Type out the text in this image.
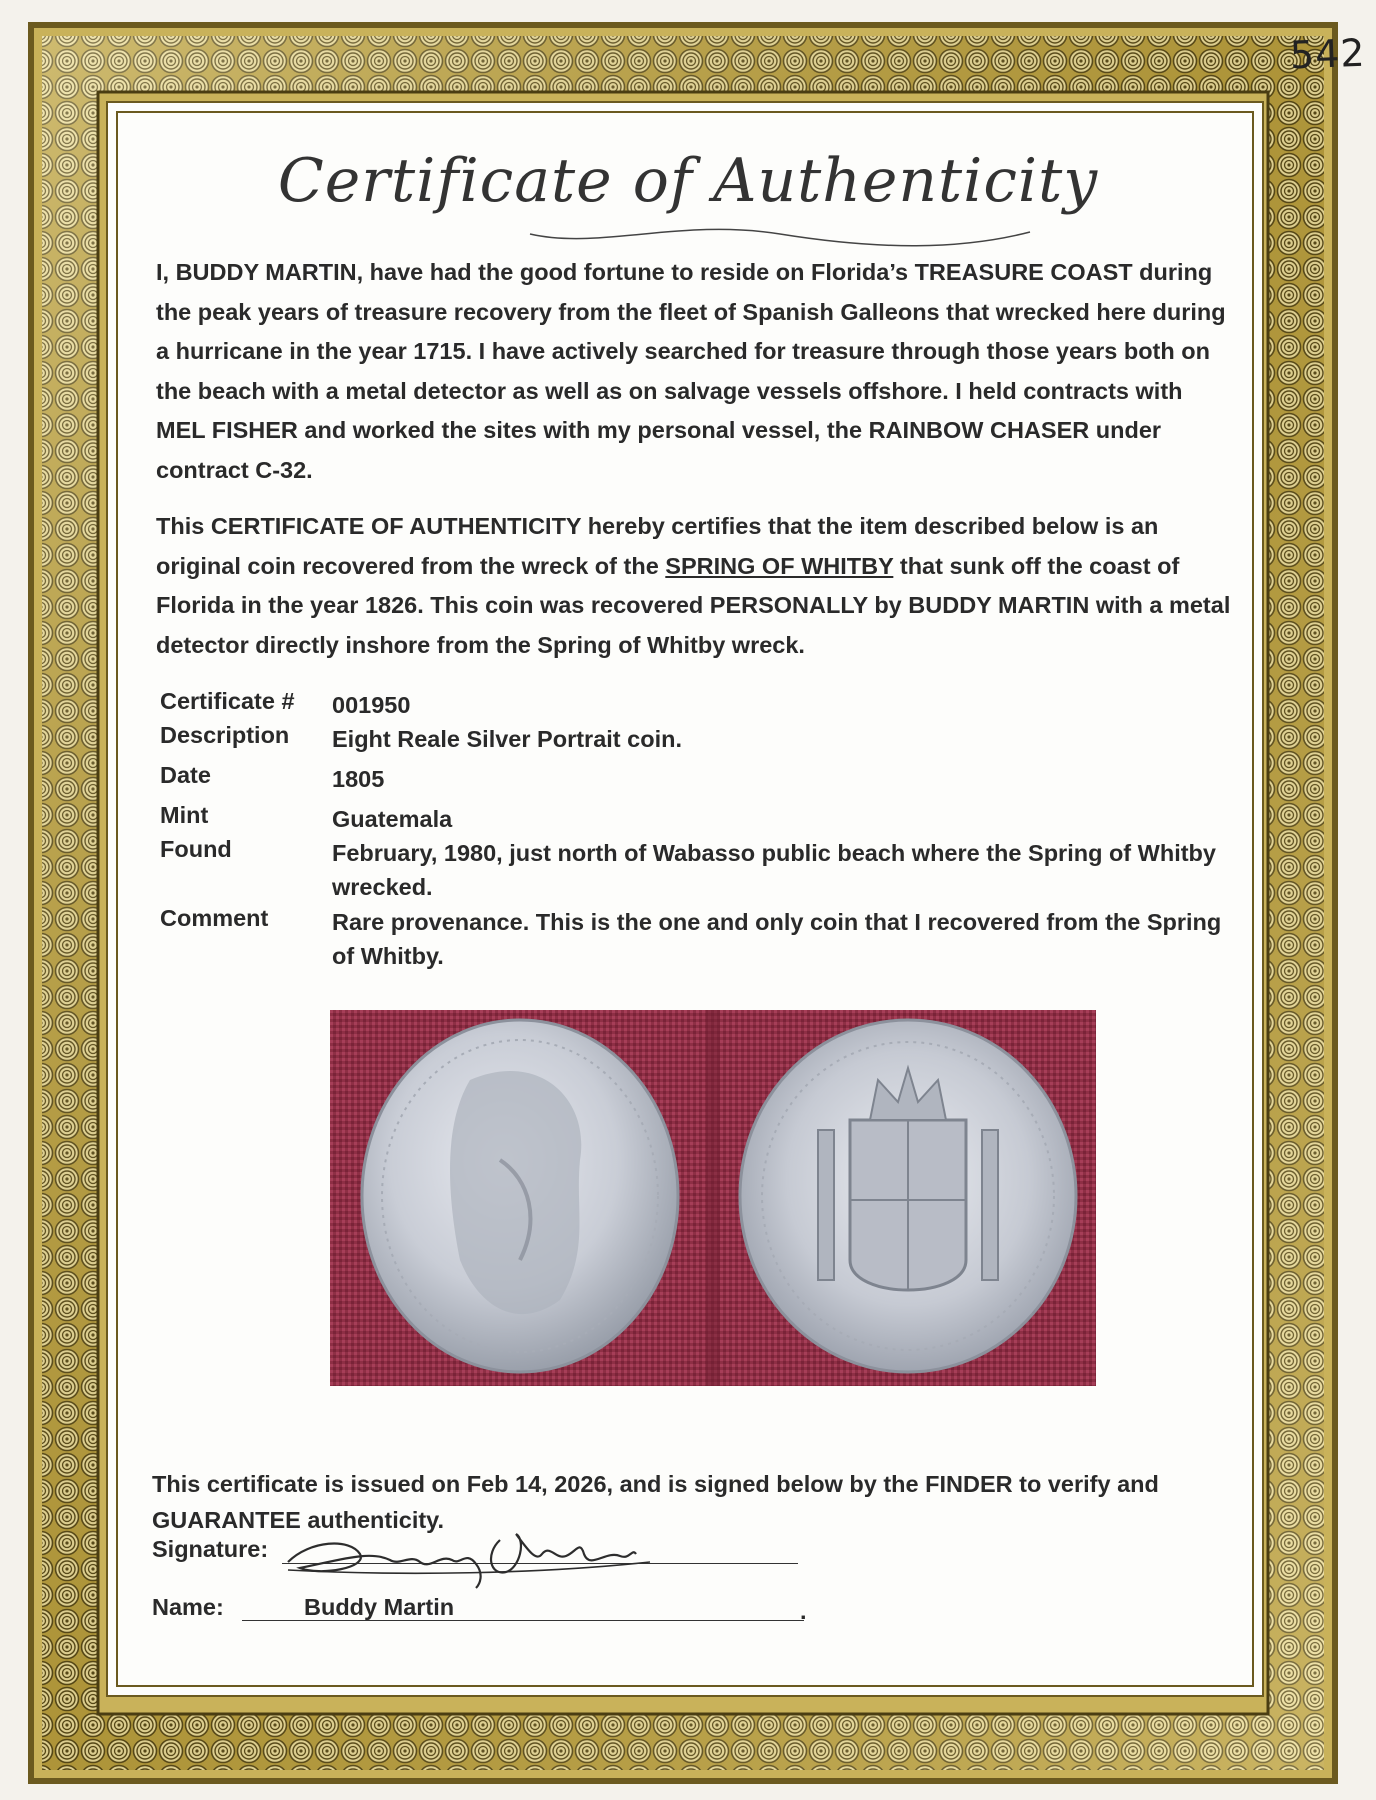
542
Certificate of Authenticity
I, BUDDY MARTIN, have had the good fortune to reside on Florida’s TREASURE COAST during the peak years of treasure recovery from the fleet of Spanish Galleons that wrecked here during a hurricane in the year 1715. I have actively searched for treasure through those years both on the beach with a metal detector as well as on salvage vessels offshore. I held contracts with MEL FISHER and worked the sites with my personal vessel, the RAINBOW CHASER under contract C-32.
This CERTIFICATE OF AUTHENTICITY hereby certifies that the item described below is an original coin recovered from the wreck of the SPRING OF WHITBY that sunk off the coast of Florida in the year 1826. This coin was recovered PERSONALLY by BUDDY MARTIN with a metal detector directly inshore from the Spring of Whitby wreck.
Certificate #	001950
Description	Eight Reale Silver Portrait coin.
Date	1805
Mint	Guatemala
Found	February, 1980, just north of Wabasso public beach where the Spring of Whitby wrecked.
Comment	Rare provenance. This is the one and only coin that I recovered from the Spring of Whitby.
This certificate is issued on Feb 14, 2026, and is signed below by the FINDER to verify and GUARANTEE authenticity.
Signature:
Name:	Buddy Martin	.
